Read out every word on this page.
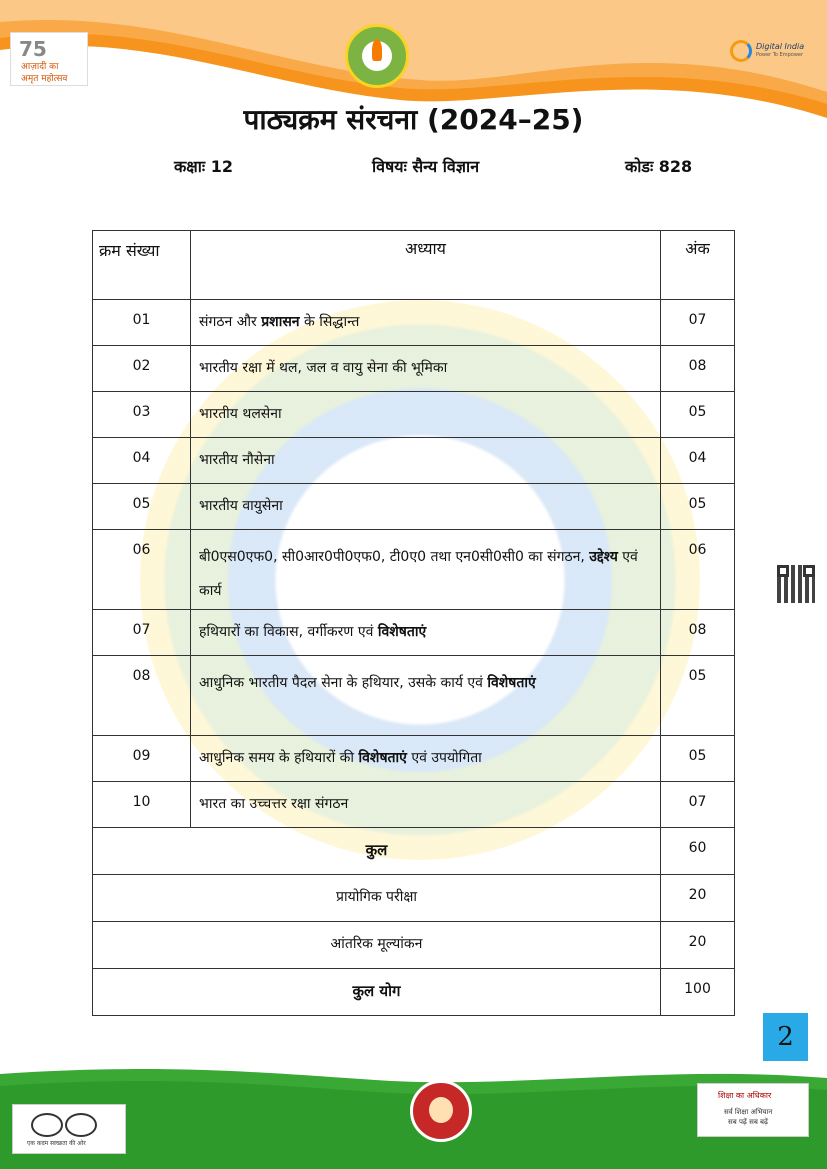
75
आज़ादी का
अमृत महोत्सव
Digital India
Power To Empower
पाठ्यक्रम संरचना (2024–25)
कक्षाः 12	विषयः सैन्य विज्ञान	कोडः 828
क्रम संख्या	अध्याय	अंक
01	संगठन और प्रशासन के सिद्धान्त	07
02	भारतीय रक्षा में थल, जल व वायु सेना की भूमिका	08
03	भारतीय थलसेना	05
04	भारतीय नौसेना	04
05	भारतीय वायुसेना	05
06	बी0एस0एफ0, सी0आर0पी0एफ0, टी0ए0 तथा एन0सी0सी0 का संगठन, उद्देश्य एवं कार्य	06
07	हथियारों का विकास, वर्गीकरण एवं विशेषताएं	08
08	आधुनिक भारतीय पैदल सेना के हथियार, उसके कार्य एवं विशेषताएं	05
09	आधुनिक समय के हथियारों की विशेषताएं एवं उपयोगिता	05
10	भारत का उच्चत्तर रक्षा संगठन	07
कुल		60
प्रायोगिक परीक्षा		20
आंतरिक मूल्यांकन		20
कुल योग		100
2
एक कदम स्वच्छता की ओर
शिक्षा का अधिकार
सर्व शिक्षा अभियान
सब पढ़ें सब बढ़ें
